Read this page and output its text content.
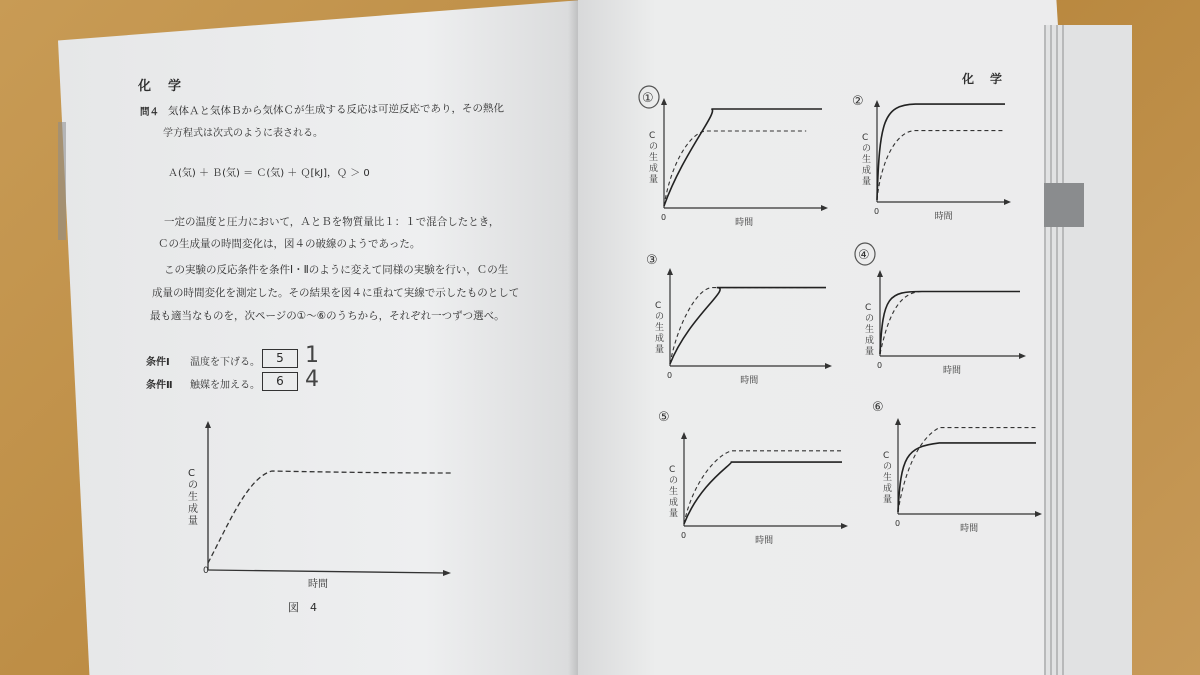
化　学
問４ 気体Ａと気体Ｂから気体Ｃが生成する反応は可逆反応であり，その熱化
学方程式は次式のように表される。
Ａ(気) ＋ Ｂ(気) ＝ Ｃ(気) ＋ Ｑ[kJ]，Ｑ ＞ 0
一定の温度と圧力において，ＡとＢを物質量比１：１で混合したとき，
Ｃの生成量の時間変化は，図４の破線のようであった。
この実験の反応条件を条件Ⅰ・Ⅱのように変えて同様の実験を行い，Ｃの生
成量の時間変化を測定した。その結果を図４に重ねて実線で示したものとして
最も適当なものを，次ページの①～⑥のうちから，それぞれ一つずつ選べ。
条件Ⅰ 温度を下げる。	5 1
条件Ⅱ 触媒を加える。	6 4
Cの生成量
時間
0
図　4
化　学
C の生成量
0
時間
①
C の生成量
0
時間
②
C の生成量
0
時間
③
C の生成量
0
時間
④
C の生成量
0
時間
⑤
C の生成量
0
時間
⑥
